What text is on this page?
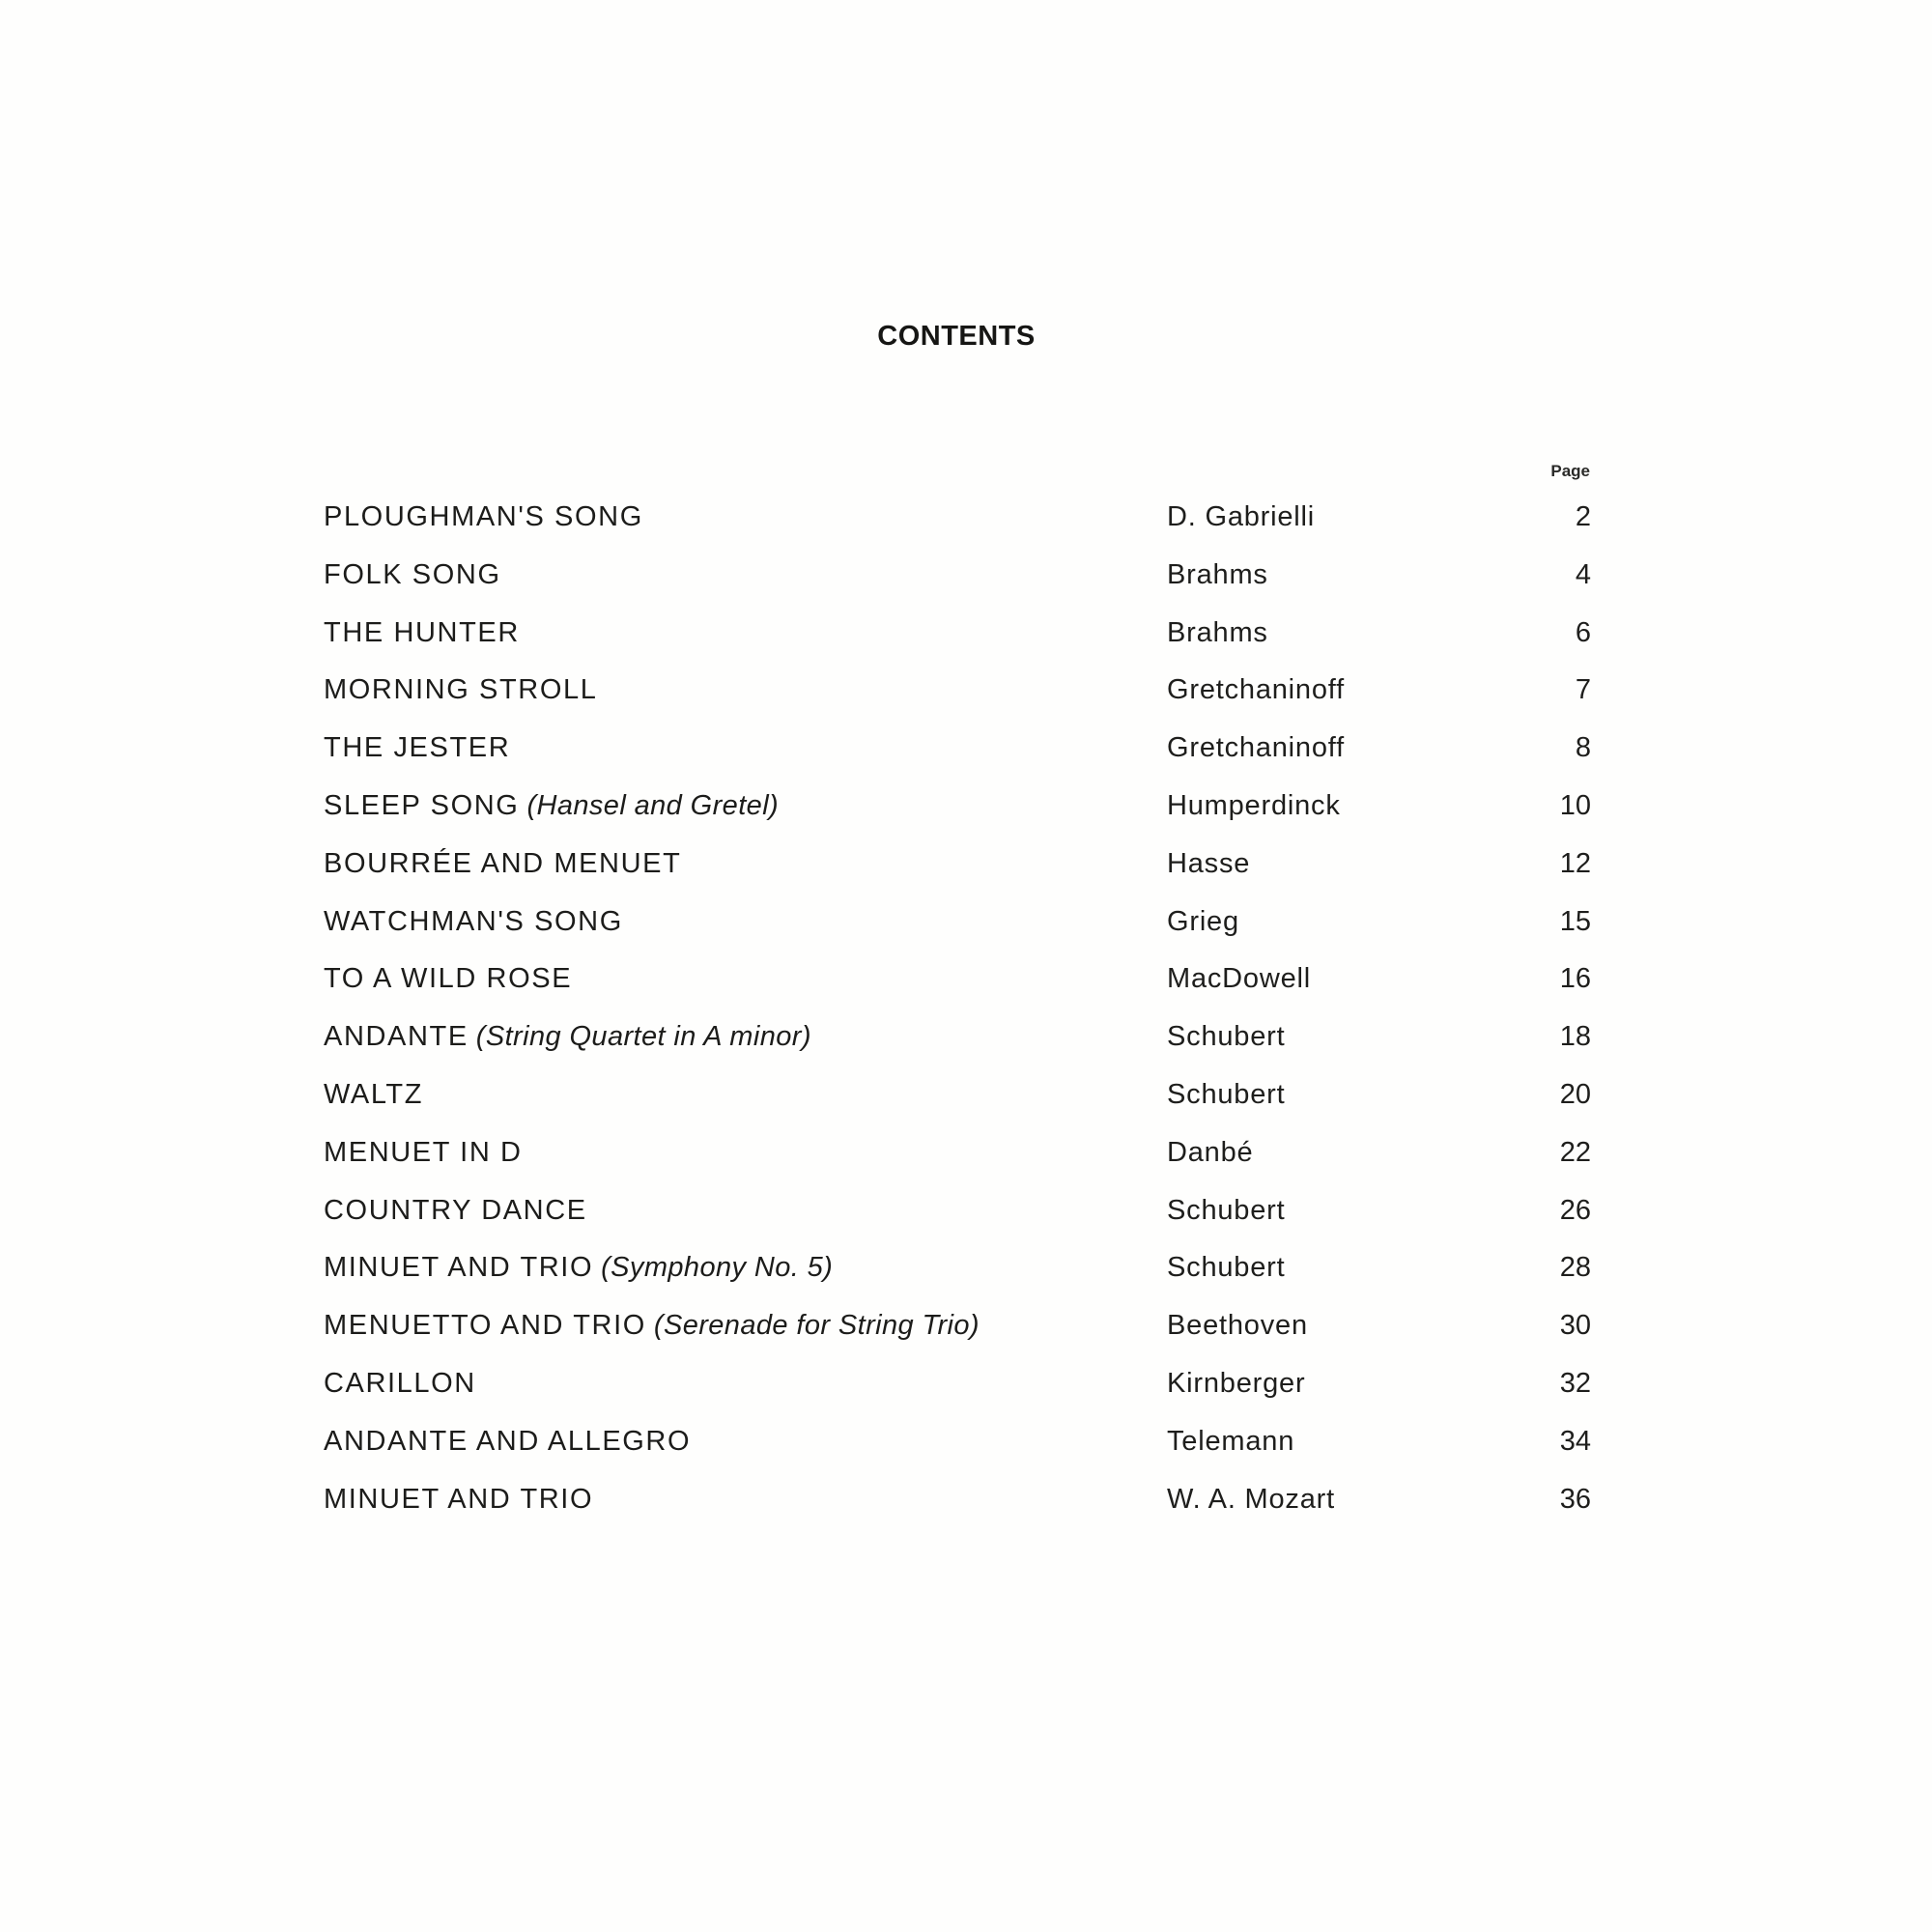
CONTENTS
Page
PLOUGHMAN'S SONG	D. Gabrielli	2
FOLK SONG	Brahms	4
THE HUNTER	Brahms	6
MORNING STROLL	Gretchaninoff	7
THE JESTER	Gretchaninoff	8
SLEEP SONG (Hansel and Gretel)	Humperdinck	10
BOURRÉE AND MENUET	Hasse	12
WATCHMAN'S SONG	Grieg	15
TO A WILD ROSE	MacDowell	16
ANDANTE (String Quartet in A minor)	Schubert	18
WALTZ	Schubert	20
MENUET IN D	Danbé	22
COUNTRY DANCE	Schubert	26
MINUET AND TRIO (Symphony No. 5)	Schubert	28
MENUETTO AND TRIO (Serenade for String Trio)	Beethoven	30
CARILLON	Kirnberger	32
ANDANTE AND ALLEGRO	Telemann	34
MINUET AND TRIO	W. A. Mozart	36
